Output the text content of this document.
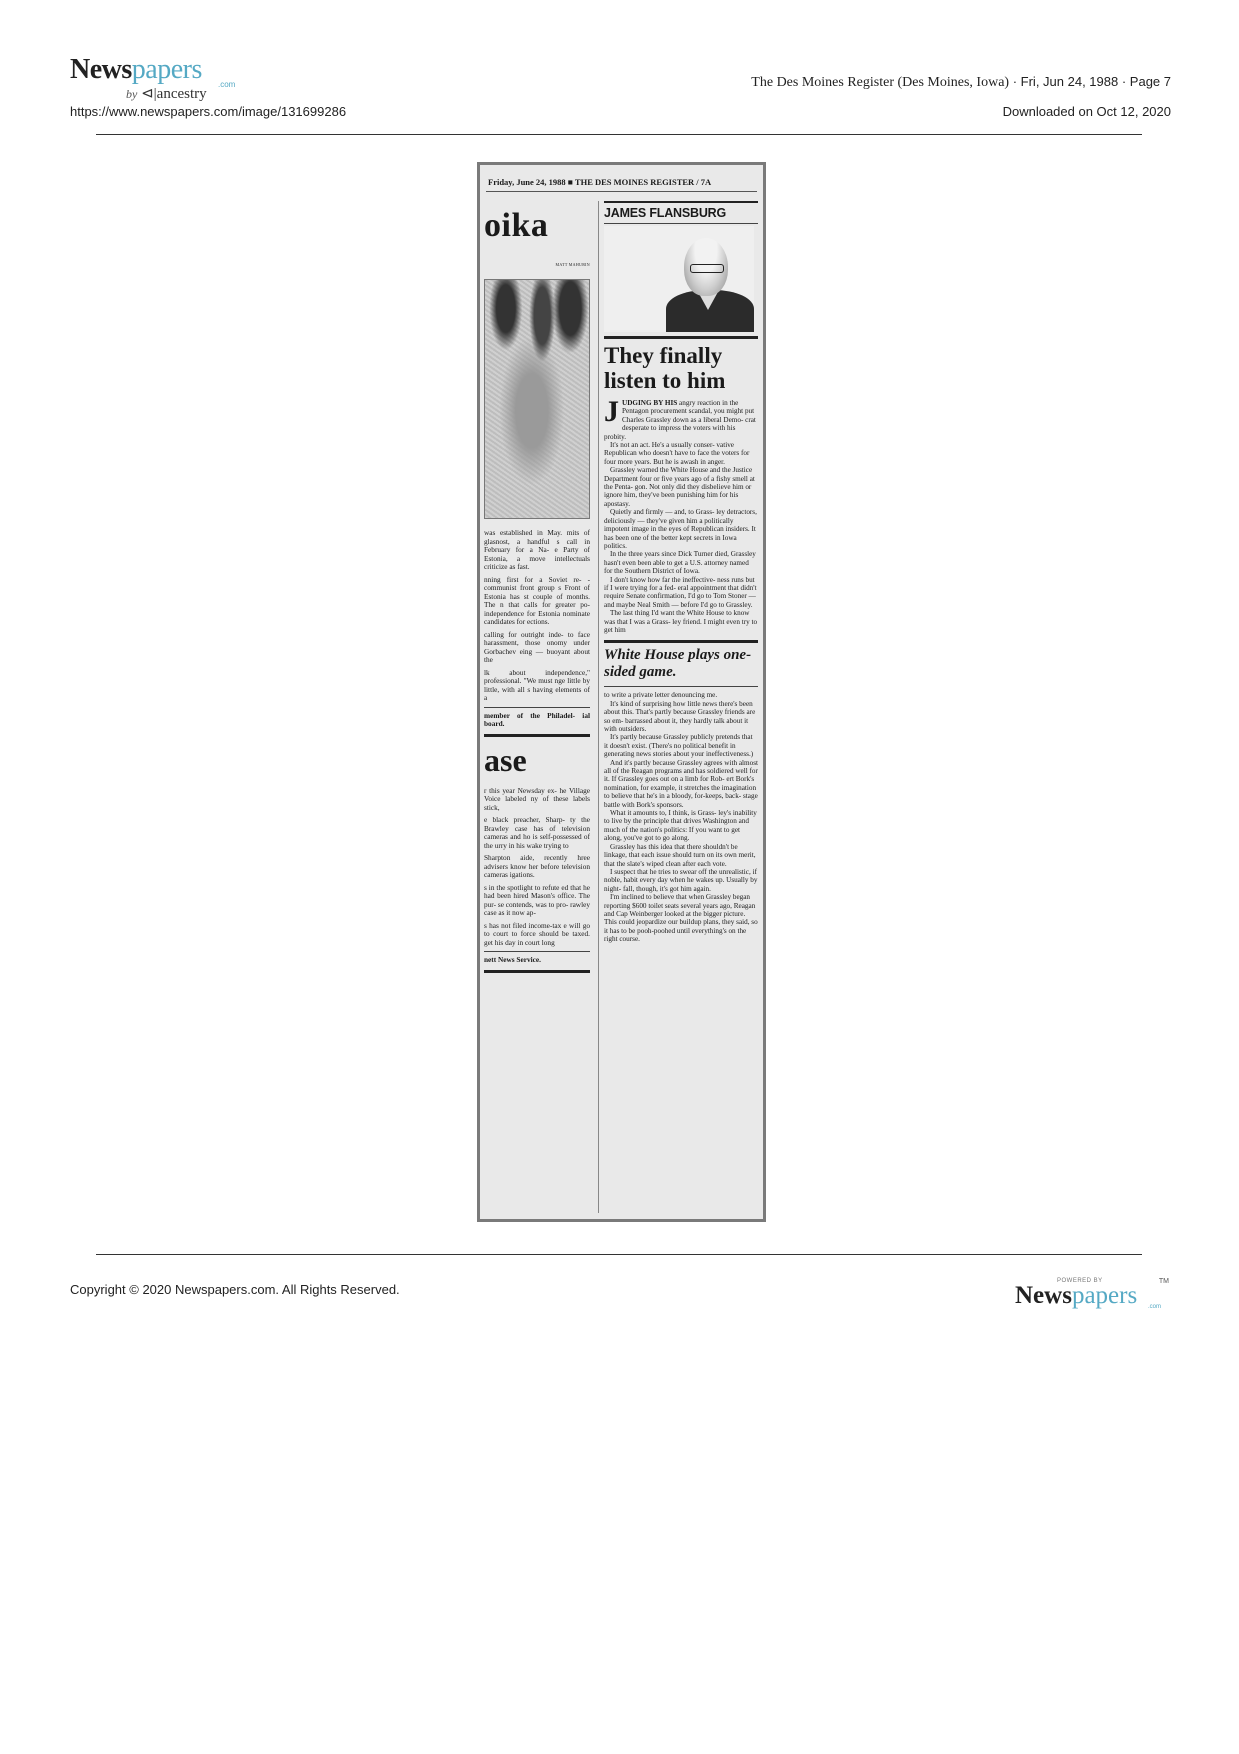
Newspapers	.com
by ⊲|ancestry
The Des Moines Register (Des Moines, Iowa) · Fri, Jun 24, 1988 · Page 7
https://www.newspapers.com/image/131699286	Downloaded on Oct 12, 2020
Friday, June 24, 1988 ■ THE DES MOINES REGISTER / 7A
oika
MATT MAHURIN

was established in May. mits of glasnost, a handful s call in February for a Na- e Party of Estonia, a move intellectuals criticize as fast.

nning first for a Soviet re- -communist front group s Front of Estonia has st couple of months. The n that calls for greater po- independence for Estonia nominate candidates for ections.

calling for outright inde- to face harassment, those onomy under Gorbachev eing — buoyant about the

lk about independence," professional. "We must nge little by little, with all s having elements of a

member of the Philadel- ial board.

ase

r this year Newsday ex- he Village Voice labeled ny of these labels stick,

e black preacher, Sharp- ty the Brawley case has of television cameras and ho is self-possessed of the urry in his wake trying to

Sharpton aide, recently hree advisers know her before television cameras igations.

s in the spotlight to refute ed that he had been hired Mason's office. The pur- se contends, was to pro- rawley case as it now ap-

s has not filed income-tax e will go to court to force should be taxed. get his day in court long

nett News Service.

JAMES FLANSBURG
They finally listen to him

JUDGING BY HIS angry reaction in the Pentagon procurement scandal, you might put Charles Grassley down as a liberal Demo- crat desperate to impress the voters with his probity.

It's not an act. He's a usually conser- vative Republican who doesn't have to face the voters for four more years. But he is awash in anger.

Grassley warned the White House and the Justice Department four or five years ago of a fishy smell at the Penta- gon. Not only did they disbelieve him or ignore him, they've been punishing him for his apostasy.

Quietly and firmly — and, to Grass- ley detractors, deliciously — they've given him a politically impotent image in the eyes of Republican insiders. It has been one of the better kept secrets in Iowa politics.

In the three years since Dick Turner died, Grassley hasn't even been able to get a U.S. attorney named for the Southern District of Iowa.

I don't know how far the ineffective- ness runs but if I were trying for a fed- eral appointment that didn't require Senate confirmation, I'd go to Tom Stoner — and maybe Neal Smith — before I'd go to Grassley.

The last thing I'd want the White House to know was that I was a Grass- ley friend. I might even try to get him

White House plays one-sided game.

to write a private letter denouncing me.

It's kind of surprising how little news there's been about this. That's partly because Grassley friends are so em- barrassed about it, they hardly talk about it with outsiders.

It's partly because Grassley publicly pretends that it doesn't exist. (There's no political benefit in generating news stories about your ineffectiveness.)

And it's partly because Grassley agrees with almost all of the Reagan programs and has soldiered well for it. If Grassley goes out on a limb for Rob- ert Bork's nomination, for example, it stretches the imagination to believe that he's in a bloody, for-keeps, back- stage battle with Bork's sponsors.

What it amounts to, I think, is Grass- ley's inability to live by the principle that drives Washington and much of the nation's politics: If you want to get along, you've got to go along.

Grassley has this idea that there shouldn't be linkage, that each issue should turn on its own merit, that the slate's wiped clean after each vote.

I suspect that he tries to swear off the unrealistic, if noble, habit every day when he wakes up. Usually by night- fall, though, it's got him again.

I'm inclined to believe that when Grassley began reporting $600 toilet seats several years ago, Reagan and Cap Weinberger looked at the bigger picture. This could jeopardize our buildup plans, they said, so it has to be pooh-poohed until everything's on the right course.

Copyright © 2020 Newspapers.com. All Rights Reserved.
POWERED BY
Newspapers
TM
.com
